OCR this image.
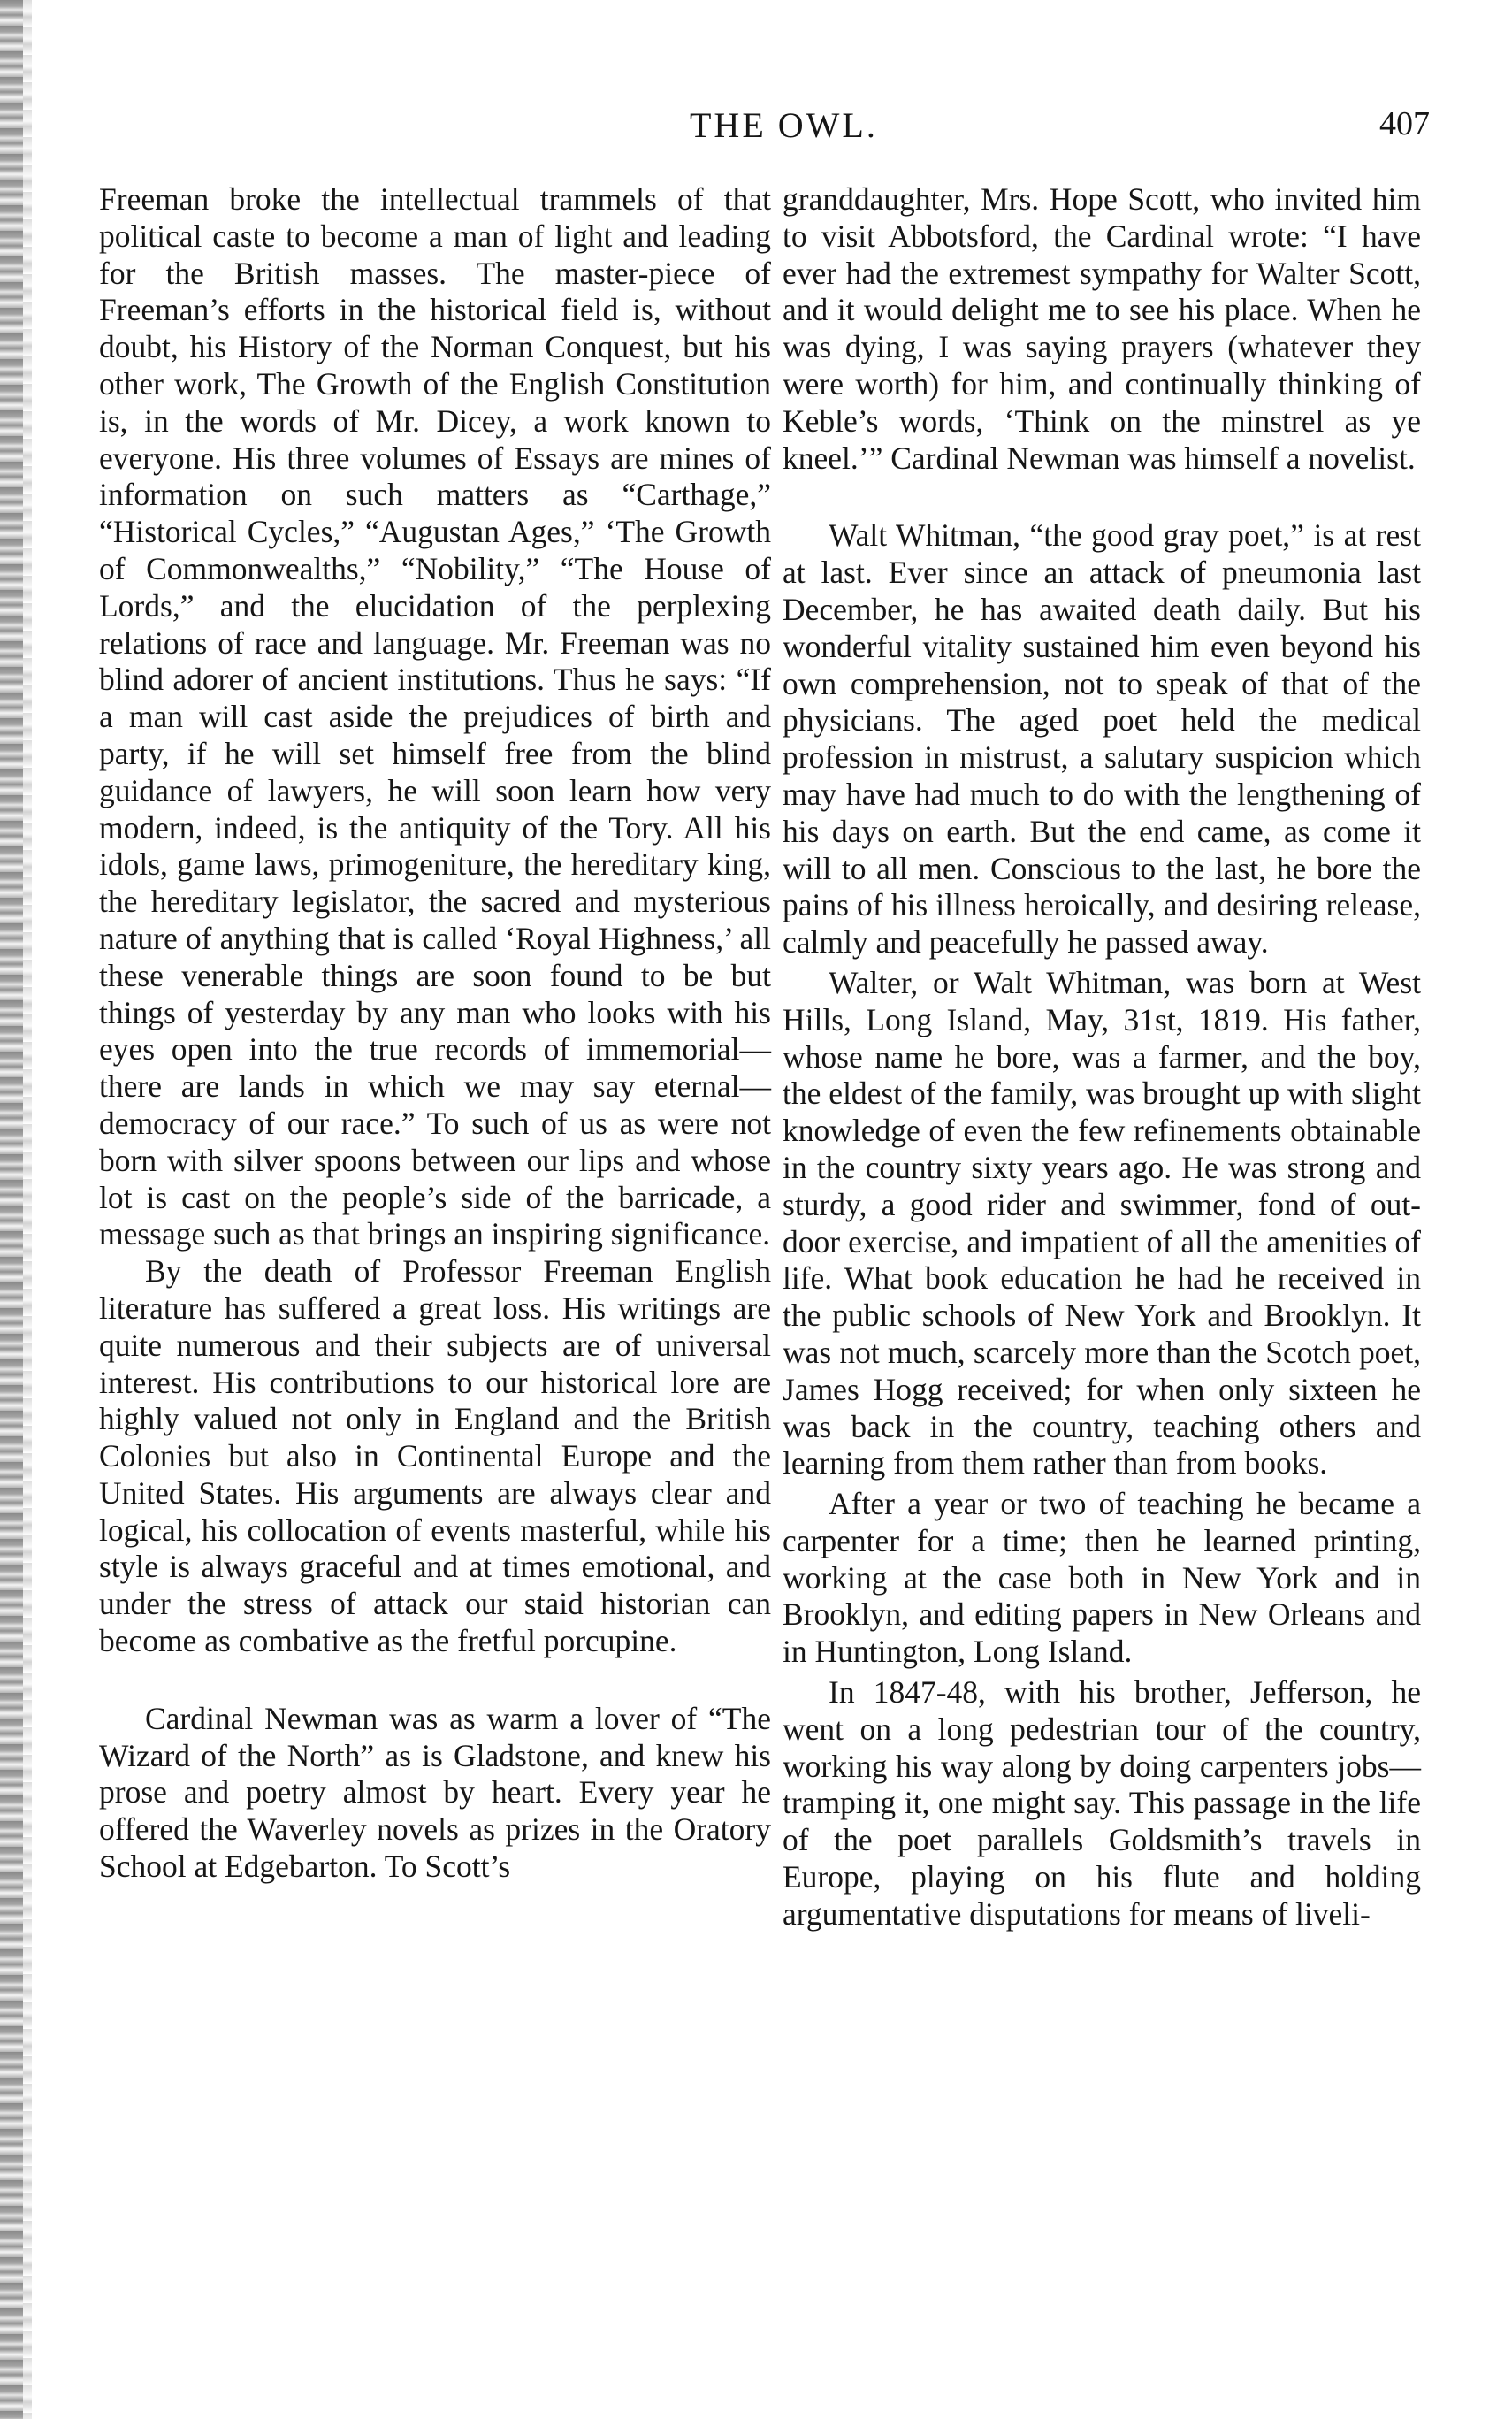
THE OWL.	407

Freeman broke the intellectual trammels of that political caste to become a man of light and leading for the British masses. The master-piece of Freeman’s efforts in the historical field is, without doubt, his History of the Norman Conquest, but his other work, The Growth of the English Constitution is, in the words of Mr. Dicey, a work known to everyone. His three volumes of Essays are mines of information on such matters as “Carthage,” “Historical Cycles,” “Augustan Ages,” ‘The Growth of Commonwealths,” “Nobility,” “The House of Lords,” and the elucidation of the perplexing relations of race and language. Mr. Freeman was no blind adorer of ancient institutions. Thus he says: “If a man will cast aside the prejudices of birth and party, if he will set himself free from the blind guidance of lawyers, he will soon learn how very modern, indeed, is the antiquity of the Tory. All his idols, game laws, primogeniture, the hereditary king, the hereditary legislator, the sacred and mysterious nature of anything that is called ‘Royal Highness,’ all these venerable things are soon found to be but things of yesterday by any man who looks with his eyes open into the true records of immemorial—there are lands in which we may say eternal—democracy of our race.” To such of us as were not born with silver spoons between our lips and whose lot is cast on the people’s side of the barricade, a message such as that brings an inspiring significance.

By the death of Professor Freeman English literature has suffered a great loss. His writings are quite numerous and their subjects are of universal interest. His contributions to our historical lore are highly valued not only in England and the British Colonies but also in Continental Europe and the United States. His arguments are always clear and logical, his collocation of events masterful, while his style is always graceful and at times emotional, and under the stress of attack our staid historian can become as combative as the fretful porcupine.

Cardinal Newman was as warm a lover of “The Wizard of the North” as is Gladstone, and knew his prose and poetry almost by heart. Every year he offered the Waverley novels as prizes in the Oratory School at Edgebarton. To Scott’s

granddaughter, Mrs. Hope Scott, who invited him to visit Abbotsford, the Cardinal wrote: “I have ever had the extremest sympathy for Walter Scott, and it would delight me to see his place. When he was dying, I was saying prayers (whatever they were worth) for him, and continually thinking of Keble’s words, ‘Think on the minstrel as ye kneel.’” Cardinal Newman was himself a novelist.

Walt Whitman, “the good gray poet,” is at rest at last. Ever since an attack of pneumonia last December, he has awaited death daily. But his wonderful vitality sustained him even beyond his own comprehension, not to speak of that of the physicians. The aged poet held the medical profession in mistrust, a salutary suspicion which may have had much to do with the lengthening of his days on earth. But the end came, as come it will to all men. Conscious to the last, he bore the pains of his illness heroically, and desiring release, calmly and peacefully he passed away.

Walter, or Walt Whitman, was born at West Hills, Long Island, May, 31st, 1819. His father, whose name he bore, was a farmer, and the boy, the eldest of the family, was brought up with slight knowledge of even the few refinements obtainable in the country sixty years ago. He was strong and sturdy, a good rider and swimmer, fond of out-door exercise, and impatient of all the amenities of life. What book education he had he received in the public schools of New York and Brooklyn. It was not much, scarcely more than the Scotch poet, James Hogg received; for when only sixteen he was back in the country, teaching others and learning from them rather than from books.

After a year or two of teaching he became a carpenter for a time; then he learned printing, working at the case both in New York and in Brooklyn, and editing papers in New Orleans and in Huntington, Long Island.

In 1847-48, with his brother, Jefferson, he went on a long pedestrian tour of the country, working his way along by doing carpenters jobs—tramping it, one might say. This passage in the life of the poet parallels Goldsmith’s travels in Europe, playing on his flute and holding argumentative disputations for means of liveli-
